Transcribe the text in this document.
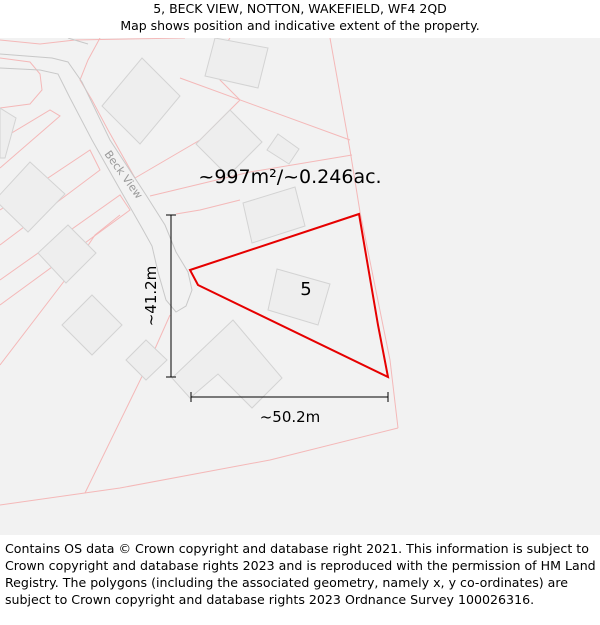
5, BECK VIEW, NOTTON, WAKEFIELD, WF4 2QD
Map shows position and indicative extent of the property.
Beck View
5
~997m²/~0.246ac.
~41.2m
~50.2m
Contains OS data © Crown copyright and database right 2021. This information is subject to Crown copyright and database rights 2023 and is reproduced with the permission of HM Land Registry. The polygons (including the associated geometry, namely x, y co-ordinates) are subject to Crown copyright and database rights 2023 Ordnance Survey 100026316.
